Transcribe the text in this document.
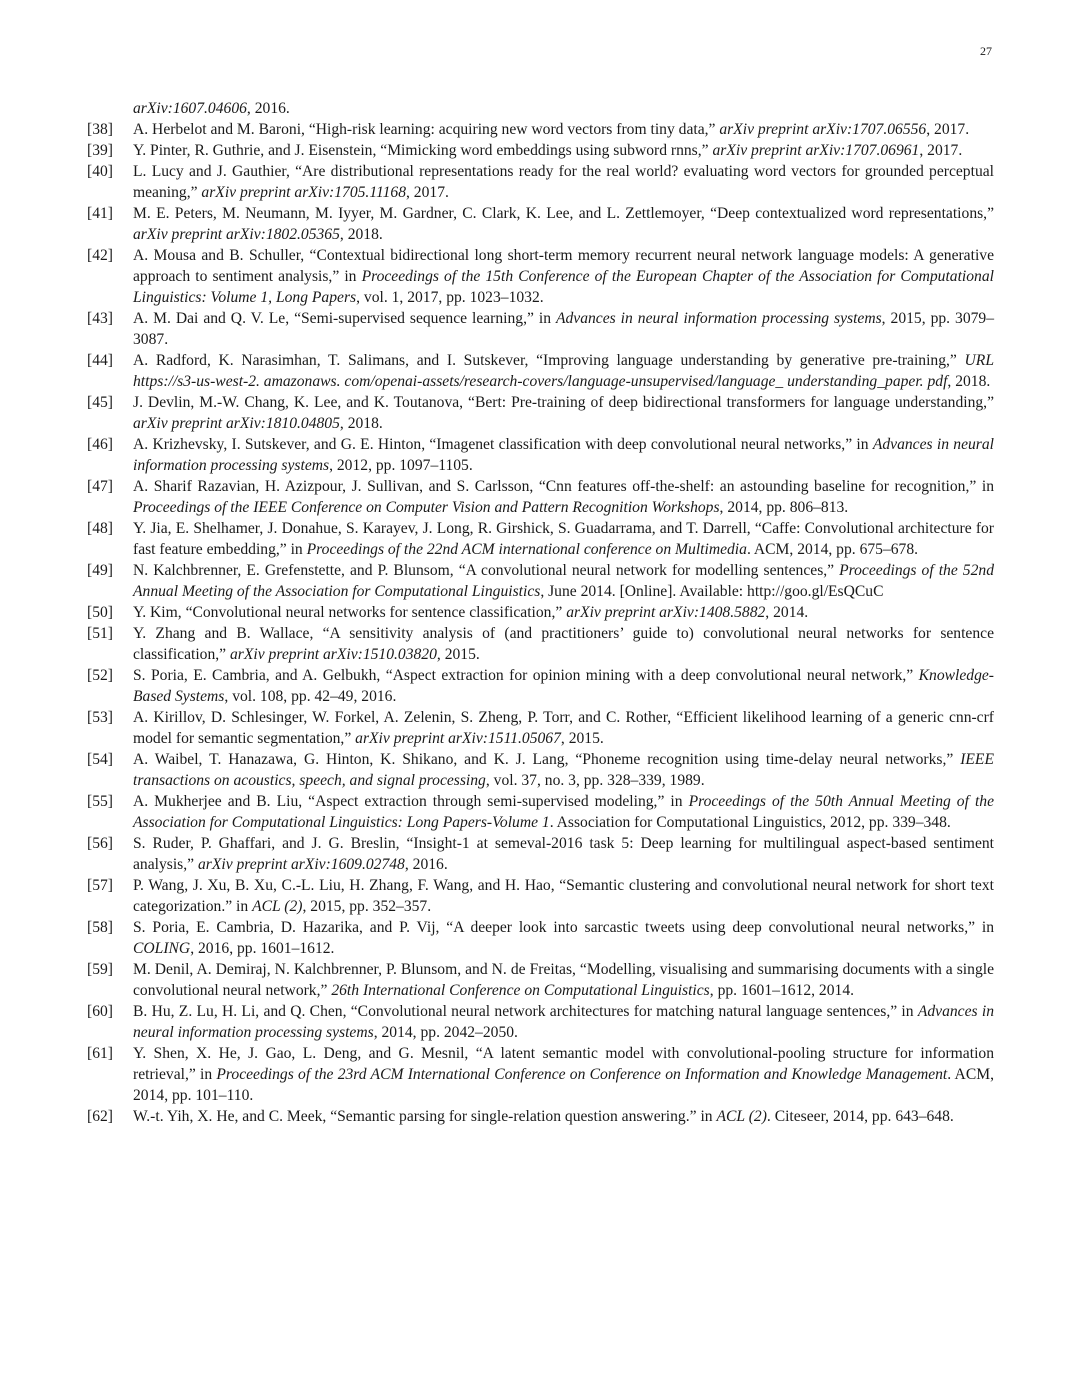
27
arXiv:1607.04606, 2016.
[38]	A. Herbelot and M. Baroni, “High-risk learning: acquiring new word vectors from tiny data,” arXiv preprint arXiv:1707.06556, 2017.
[39]	Y. Pinter, R. Guthrie, and J. Eisenstein, “Mimicking word embeddings using subword rnns,” arXiv preprint arXiv:1707.06961, 2017.
[40]	L. Lucy and J. Gauthier, “Are distributional representations ready for the real world? evaluating word vectors for grounded perceptual meaning,” arXiv preprint arXiv:1705.11168, 2017.
[41]	M. E. Peters, M. Neumann, M. Iyyer, M. Gardner, C. Clark, K. Lee, and L. Zettlemoyer, “Deep contextualized word representations,” arXiv preprint arXiv:1802.05365, 2018.
[42]	A. Mousa and B. Schuller, “Contextual bidirectional long short-term memory recurrent neural network language models: A generative approach to sentiment analysis,” in Proceedings of the 15th Conference of the European Chapter of the Association for Computational Linguistics: Volume 1, Long Papers, vol. 1, 2017, pp. 1023–1032.
[43]	A. M. Dai and Q. V. Le, “Semi-supervised sequence learning,” in Advances in neural information processing systems, 2015, pp. 3079–3087.
[44]	A. Radford, K. Narasimhan, T. Salimans, and I. Sutskever, “Improving language understanding by generative pre-training,” URL https://s3-us-west-2. amazonaws. com/openai-assets/research-covers/language-unsupervised/language_ understanding_paper. pdf, 2018.
[45]	J. Devlin, M.-W. Chang, K. Lee, and K. Toutanova, “Bert: Pre-training of deep bidirectional transformers for language understanding,” arXiv preprint arXiv:1810.04805, 2018.
[46]	A. Krizhevsky, I. Sutskever, and G. E. Hinton, “Imagenet classification with deep convolutional neural networks,” in Advances in neural information processing systems, 2012, pp. 1097–1105.
[47]	A. Sharif Razavian, H. Azizpour, J. Sullivan, and S. Carlsson, “Cnn features off-the-shelf: an astounding baseline for recognition,” in Proceedings of the IEEE Conference on Computer Vision and Pattern Recognition Workshops, 2014, pp. 806–813.
[48]	Y. Jia, E. Shelhamer, J. Donahue, S. Karayev, J. Long, R. Girshick, S. Guadarrama, and T. Darrell, “Caffe: Convolutional architecture for fast feature embedding,” in Proceedings of the 22nd ACM international conference on Multimedia. ACM, 2014, pp. 675–678.
[49]	N. Kalchbrenner, E. Grefenstette, and P. Blunsom, “A convolutional neural network for modelling sentences,” Proceedings of the 52nd Annual Meeting of the Association for Computational Linguistics, June 2014. [Online]. Available: http://goo.gl/EsQCuC
[50]	Y. Kim, “Convolutional neural networks for sentence classification,” arXiv preprint arXiv:1408.5882, 2014.
[51]	Y. Zhang and B. Wallace, “A sensitivity analysis of (and practitioners’ guide to) convolutional neural networks for sentence classification,” arXiv preprint arXiv:1510.03820, 2015.
[52]	S. Poria, E. Cambria, and A. Gelbukh, “Aspect extraction for opinion mining with a deep convolutional neural network,” Knowledge-Based Systems, vol. 108, pp. 42–49, 2016.
[53]	A. Kirillov, D. Schlesinger, W. Forkel, A. Zelenin, S. Zheng, P. Torr, and C. Rother, “Efficient likelihood learning of a generic cnn-crf model for semantic segmentation,” arXiv preprint arXiv:1511.05067, 2015.
[54]	A. Waibel, T. Hanazawa, G. Hinton, K. Shikano, and K. J. Lang, “Phoneme recognition using time-delay neural networks,” IEEE transactions on acoustics, speech, and signal processing, vol. 37, no. 3, pp. 328–339, 1989.
[55]	A. Mukherjee and B. Liu, “Aspect extraction through semi-supervised modeling,” in Proceedings of the 50th Annual Meeting of the Association for Computational Linguistics: Long Papers-Volume 1. Association for Computational Linguistics, 2012, pp. 339–348.
[56]	S. Ruder, P. Ghaffari, and J. G. Breslin, “Insight-1 at semeval-2016 task 5: Deep learning for multilingual aspect-based sentiment analysis,” arXiv preprint arXiv:1609.02748, 2016.
[57]	P. Wang, J. Xu, B. Xu, C.-L. Liu, H. Zhang, F. Wang, and H. Hao, “Semantic clustering and convolutional neural network for short text categorization.” in ACL (2), 2015, pp. 352–357.
[58]	S. Poria, E. Cambria, D. Hazarika, and P. Vij, “A deeper look into sarcastic tweets using deep convolutional neural networks,” in COLING, 2016, pp. 1601–1612.
[59]	M. Denil, A. Demiraj, N. Kalchbrenner, P. Blunsom, and N. de Freitas, “Modelling, visualising and summarising documents with a single convolutional neural network,” 26th International Conference on Computational Linguistics, pp. 1601–1612, 2014.
[60]	B. Hu, Z. Lu, H. Li, and Q. Chen, “Convolutional neural network architectures for matching natural language sentences,” in Advances in neural information processing systems, 2014, pp. 2042–2050.
[61]	Y. Shen, X. He, J. Gao, L. Deng, and G. Mesnil, “A latent semantic model with convolutional-pooling structure for information retrieval,” in Proceedings of the 23rd ACM International Conference on Conference on Information and Knowledge Management. ACM, 2014, pp. 101–110.
[62]	W.-t. Yih, X. He, and C. Meek, “Semantic parsing for single-relation question answering.” in ACL (2). Citeseer, 2014, pp. 643–648.
